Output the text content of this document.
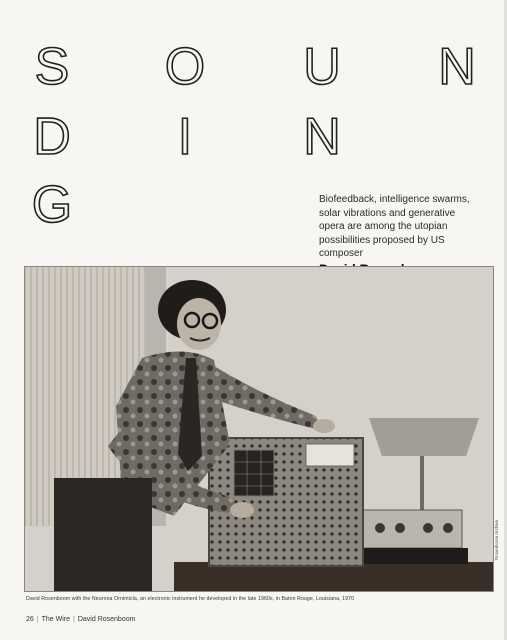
S O U N
D I N
G	Biofeedback, intelligence swarms, solar vibrations and generative opera are among the utopian possibilities proposed by US composer
Rosenboom Archive
David Rosenboom with the Neurona Ornimicla, an electronic instrument he developed in the late 1960s, in Baton Rouge, Louisiana, 1970
26 | The Wire | David Rosenboom
